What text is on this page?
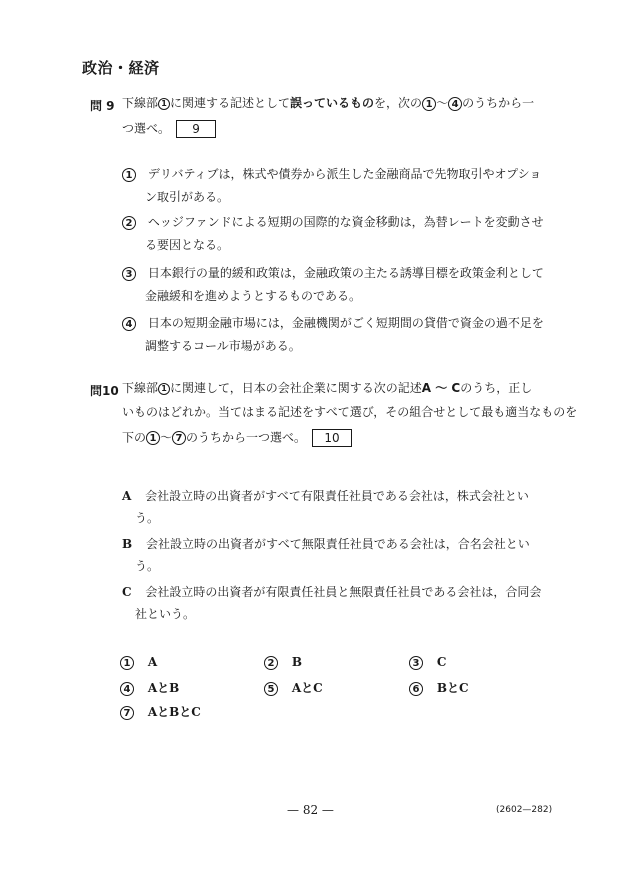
政治・経済
問 9 下線部 1 に関連する記述として誤っているものを，次の 1 ～ 4 のうちから一
つ選べ。 9
1 デリバティブは，株式や債券から派生した金融商品で先物取引やオプショ
ン取引がある。
2 ヘッジファンドによる短期の国際的な資金移動は，為替レートを変動させ
る要因となる。
3 日本銀行の量的緩和政策は，金融政策の主たる誘導目標を政策金利として
金融緩和を進めようとするものである。
4 日本の短期金融市場には，金融機関がごく短期間の貸借で資金の過不足を
調整するコール市場がある。
問10 下線部 1 に関連して，日本の会社企業に関する次の記述A ～ Cのうち，正し
いものはどれか。当てはまる記述をすべて選び，その組合せとして最も適当なものを
下の 1 ～ 7 のうちから一つ選べ。 10
A 会社設立時の出資者がすべて有限責任社員である会社は，株式会社とい
う。
B 会社設立時の出資者がすべて無限責任社員である会社は，合名会社とい
う。
C 会社設立時の出資者が有限責任社員と無限責任社員である会社は，合同会
社という。
1 A	2 B	3 C
4 AとB	5 AとC	6 BとC
7 AとBとC
— 82 —	(2602—282)
